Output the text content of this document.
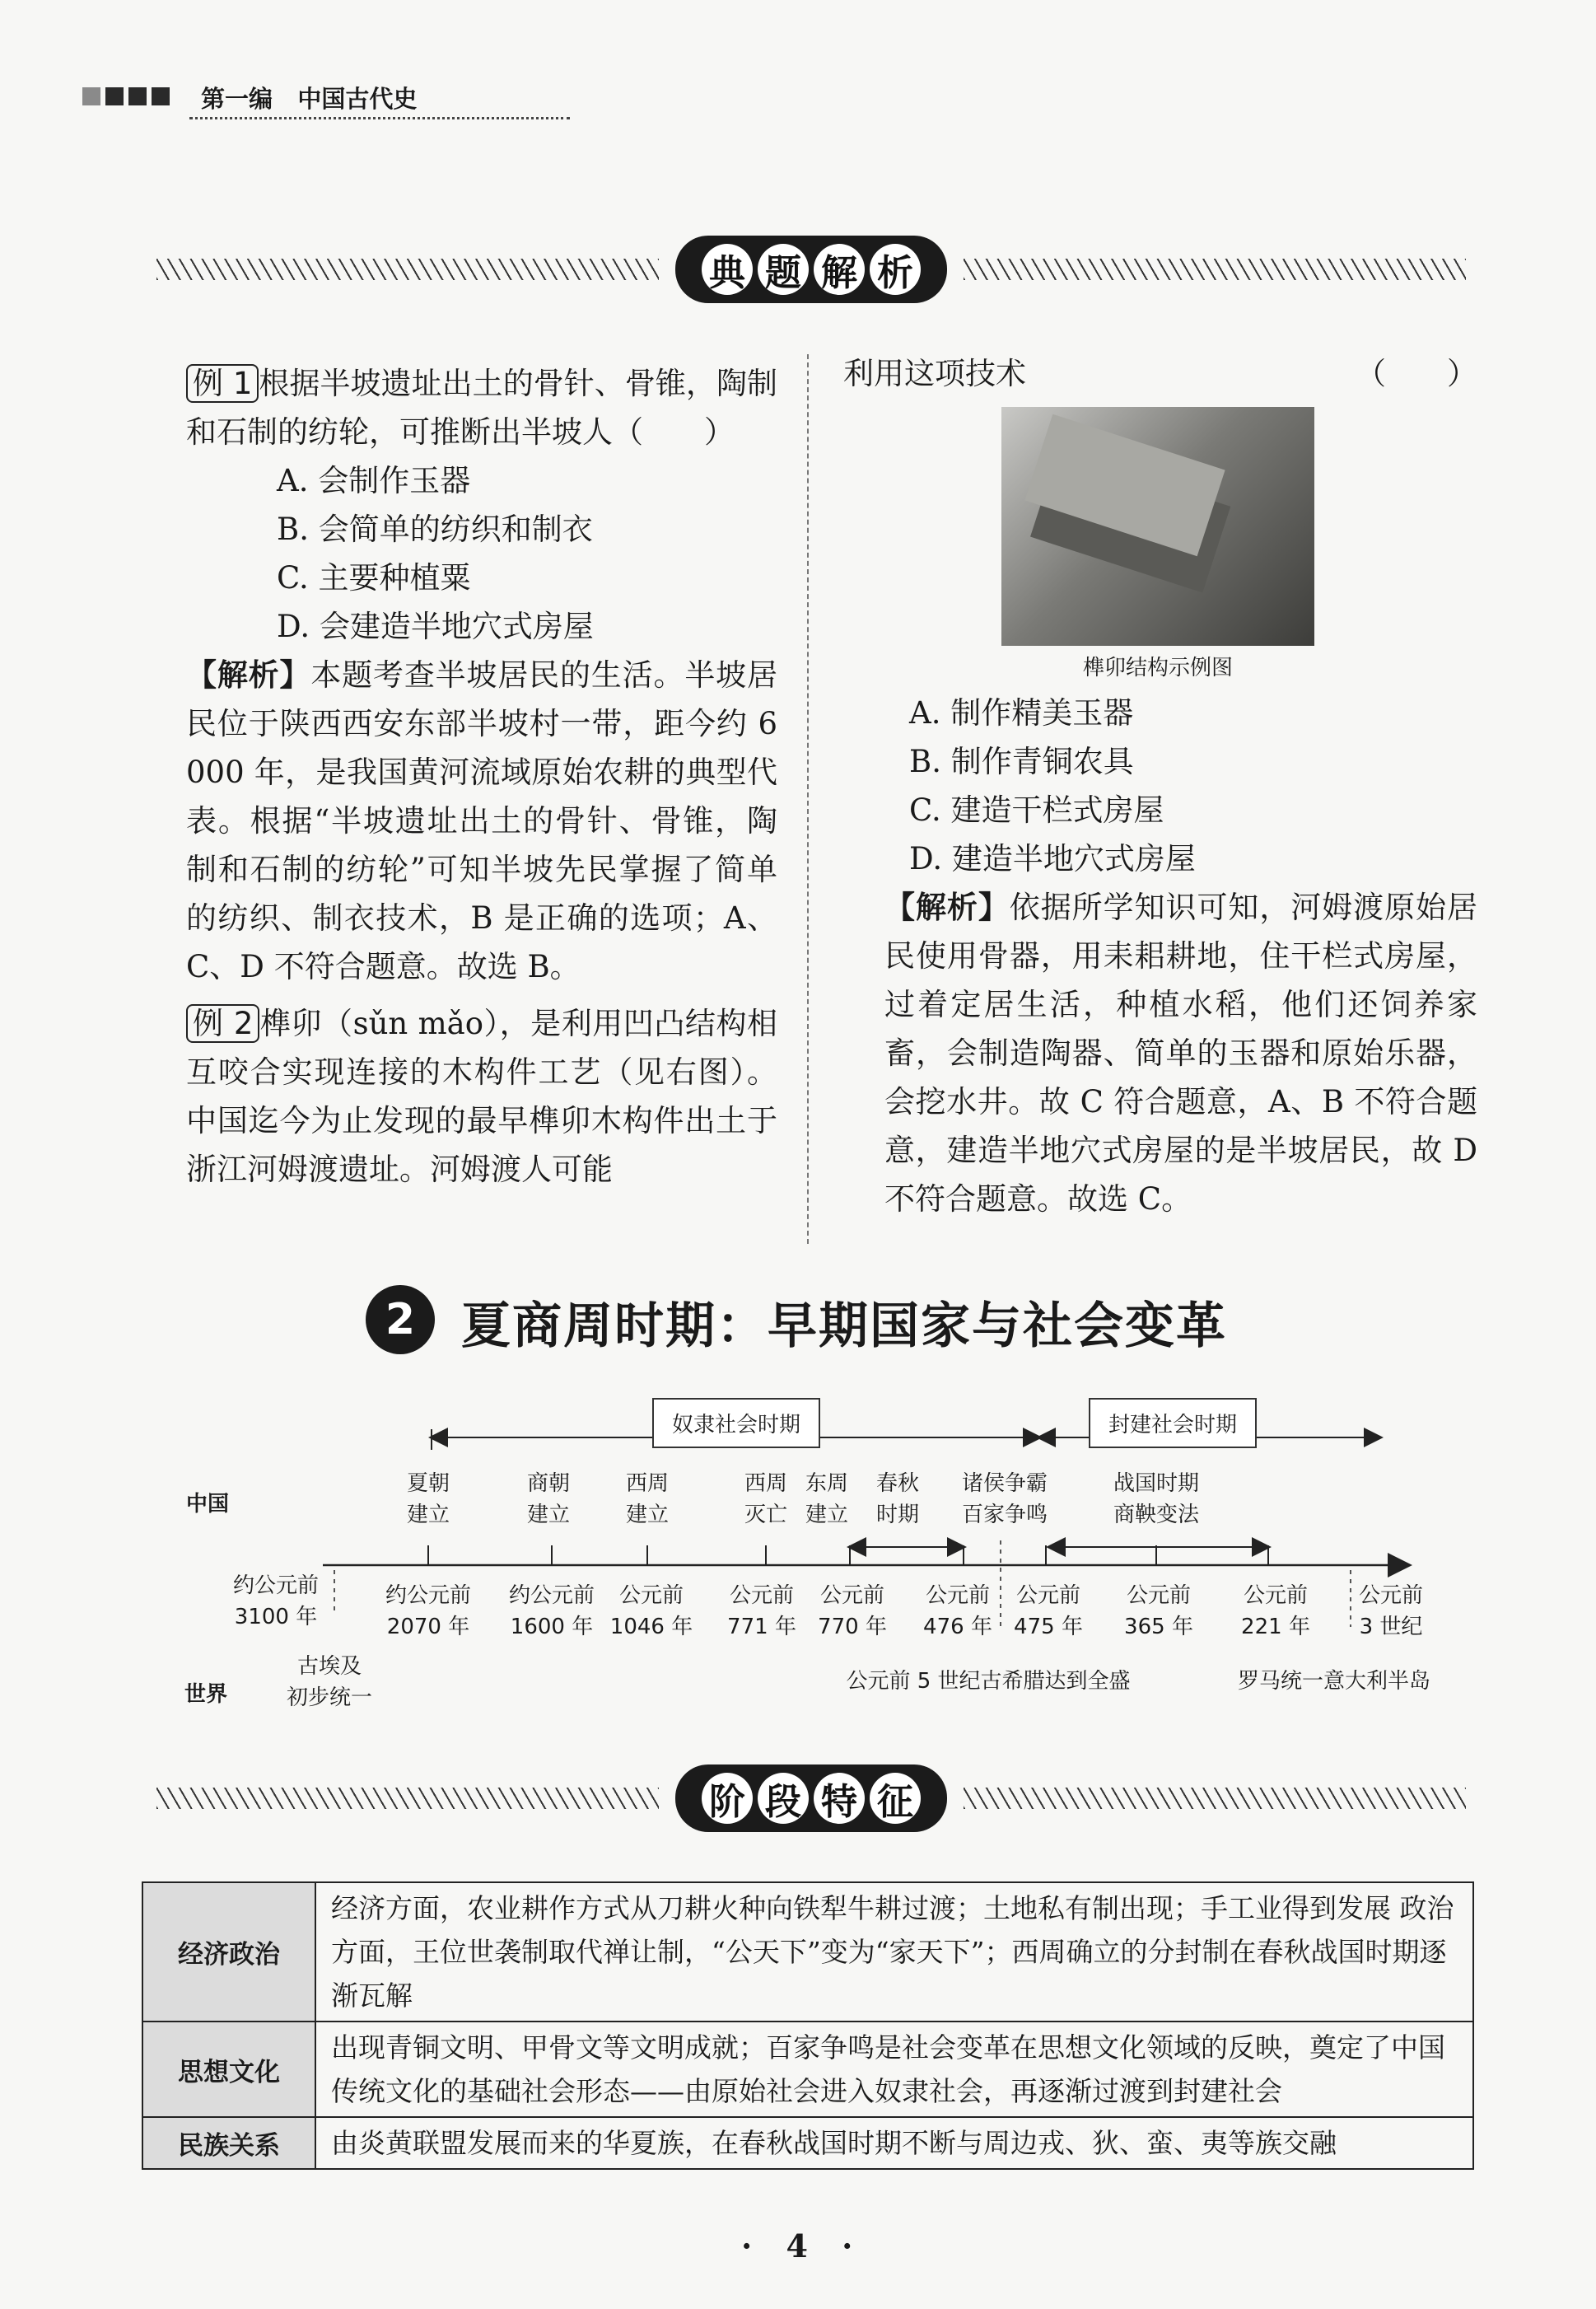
第一编 中国古代史
典 题 解 析

例 1 根据半坡遗址出土的骨针、骨锥，陶制和石制的纺轮，可推断出半坡人（　　）

A. 会制作玉器

B. 会简单的纺织和制衣

C. 主要种植粟

D. 会建造半地穴式房屋

【解析】本题考查半坡居民的生活。半坡居民位于陕西西安东部半坡村一带，距今约 6 000 年，是我国黄河流域原始农耕的典型代表。根据“半坡遗址出土的骨针、骨锥，陶制和石制的纺轮”可知半坡先民掌握了简单的纺织、制衣技术，B 是正确的选项；A、C、D 不符合题意。故选 B。

例 2 榫卯（sǔn mǎo），是利用凹凸结构相互咬合实现连接的木构件工艺（见右图）。中国迄今为止发现的最早榫卯木构件出土于浙江河姆渡遗址。河姆渡人可能

利用这项技术	（　　）

榫卯结构示例图

A. 制作精美玉器

B. 制作青铜农具

C. 建造干栏式房屋

D. 建造半地穴式房屋

【解析】依据所学知识可知，河姆渡原始居民使用骨器，用耒耜耕地，住干栏式房屋，过着定居生活，种植水稻，他们还饲养家畜，会制造陶器、简单的玉器和原始乐器，会挖水井。故 C 符合题意，A、B 不符合题意，建造半地穴式房屋的是半坡居民，故 D 不符合题意。故选 C。

2 夏商周时期：早期国家与社会变革
中国
世界
奴隶社会时期	封建社会时期
夏朝
建立
商朝
建立
西周
建立
西周
灭亡
东周
建立
春秋
时期
诸侯争霸
百家争鸣
战国时期
商鞅变法
约公元前
3100 年
约公元前
2070 年
约公元前
1600 年
公元前
1046 年
公元前
771 年
公元前
770 年
公元前
476 年
公元前
475 年
公元前
365 年
公元前
221 年
公元前
3 世纪
古埃及
初步统一
公元前 5 世纪古希腊达到全盛	罗马统一意大利半岛
阶 段 特 征
经济政治	经济方面，农业耕作方式从刀耕火种向铁犁牛耕过渡；土地私有制出现；手工业得到发展 政治方面，王位世袭制取代禅让制，“公天下”变为“家天下”；西周确立的分封制在春秋战国时期逐渐瓦解
思想文化	出现青铜文明、甲骨文等文明成就；百家争鸣是社会变革在思想文化领域的反映，奠定了中国传统文化的基础社会形态——由原始社会进入奴隶社会，再逐渐过渡到封建社会
民族关系	由炎黄联盟发展而来的华夏族，在春秋战国时期不断与周边戎、狄、蛮、夷等族交融
· 4 ·
